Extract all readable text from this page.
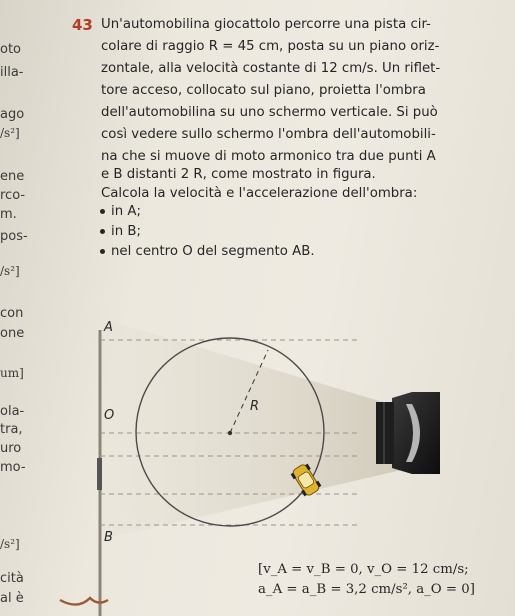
oto
illa-
ago
/s²]
ene
rco-
m.
pos-
/s²]
con
one
um]
ola-
tra,
uro
mo-
/s²]
cità
al è
43 Un'automobilina giocattolo percorre una pista cir-
colare di raggio R = 45 cm, posta su un piano oriz-
zontale, alla velocità costante di 12 cm/s. Un riflet-
tore acceso, collocato sul piano, proietta l'ombra
dell'automobilina su uno schermo verticale. Si può
così vedere sullo schermo l'ombra dell'automobili-
na che si muove di moto armonico tra due punti A
e B distanti 2 R, come mostrato in figura.
Calcola la velocità e l'accelerazione dell'ombra:
in A;
in B;
nel centro O del segmento AB.
A
O
B
R
[v_A = v_B = 0, v_O = 12 cm/s;
a_A = a_B = 3,2 cm/s², a_O = 0]
